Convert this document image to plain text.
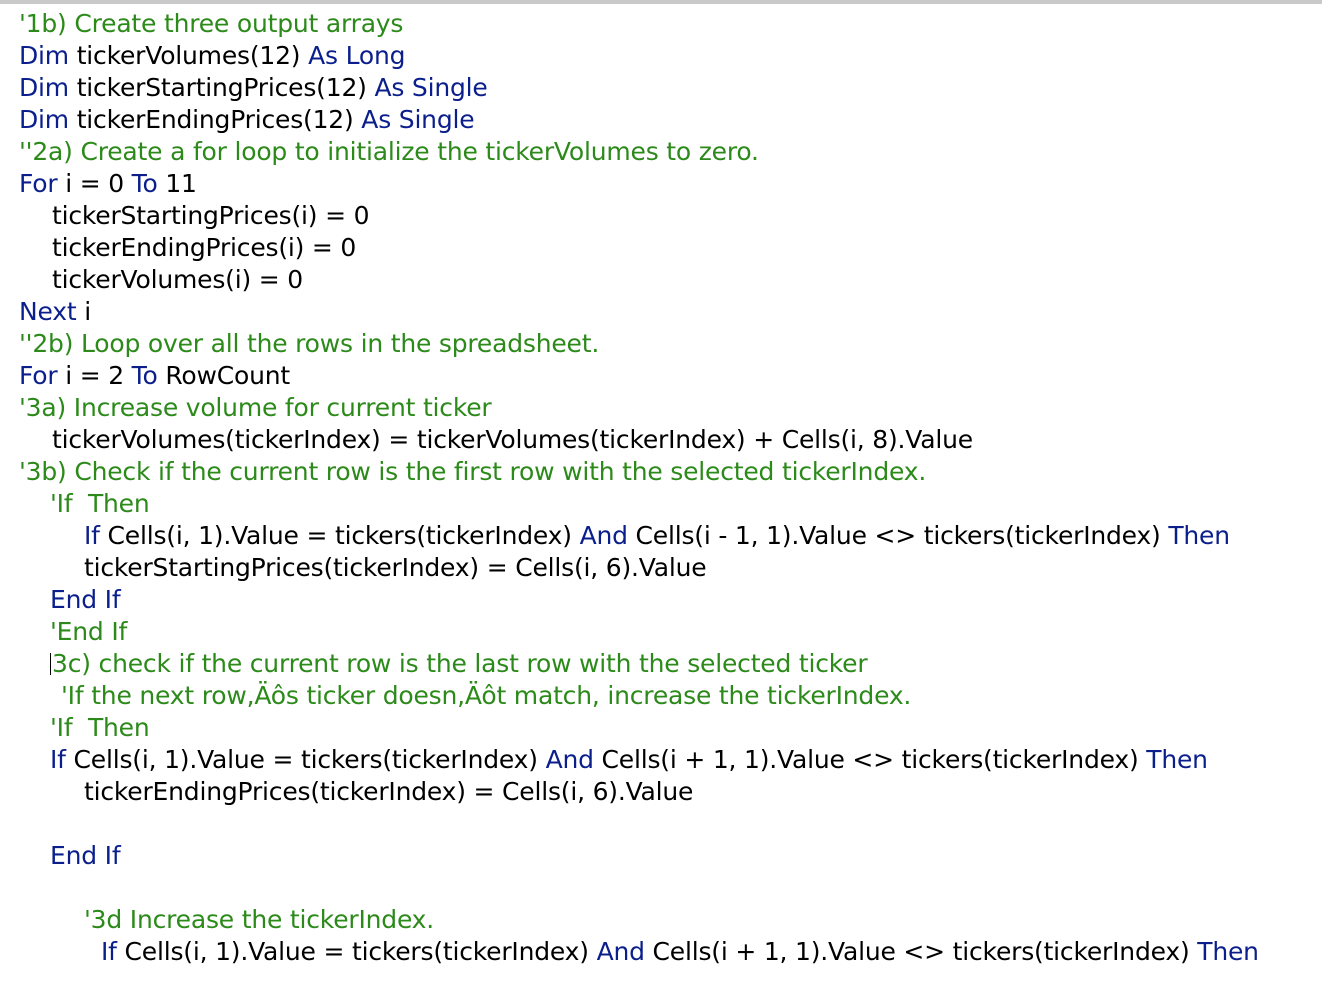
'1b) Create three output arrays
Dim tickerVolumes(12) As Long
Dim tickerStartingPrices(12) As Single
Dim tickerEndingPrices(12) As Single
''2a) Create a for loop to initialize the tickerVolumes to zero.
For i = 0 To 11
tickerStartingPrices(i) = 0
tickerEndingPrices(i) = 0
tickerVolumes(i) = 0
Next i
''2b) Loop over all the rows in the spreadsheet.
For i = 2 To RowCount
'3a) Increase volume for current ticker
tickerVolumes(tickerIndex) = tickerVolumes(tickerIndex) + Cells(i, 8).Value
'3b) Check if the current row is the first row with the selected tickerIndex.
'If  Then
If Cells(i, 1).Value = tickers(tickerIndex) And Cells(i - 1, 1).Value <> tickers(tickerIndex) Then
tickerStartingPrices(tickerIndex) = Cells(i, 6).Value
End If
'End If
3c) check if the current row is the last row with the selected ticker
'If the next row,Äôs ticker doesn,Äôt match, increase the tickerIndex.
'If  Then
If Cells(i, 1).Value = tickers(tickerIndex) And Cells(i + 1, 1).Value <> tickers(tickerIndex) Then
tickerEndingPrices(tickerIndex) = Cells(i, 6).Value
End If
'3d Increase the tickerIndex.
If Cells(i, 1).Value = tickers(tickerIndex) And Cells(i + 1, 1).Value <> tickers(tickerIndex) Then
